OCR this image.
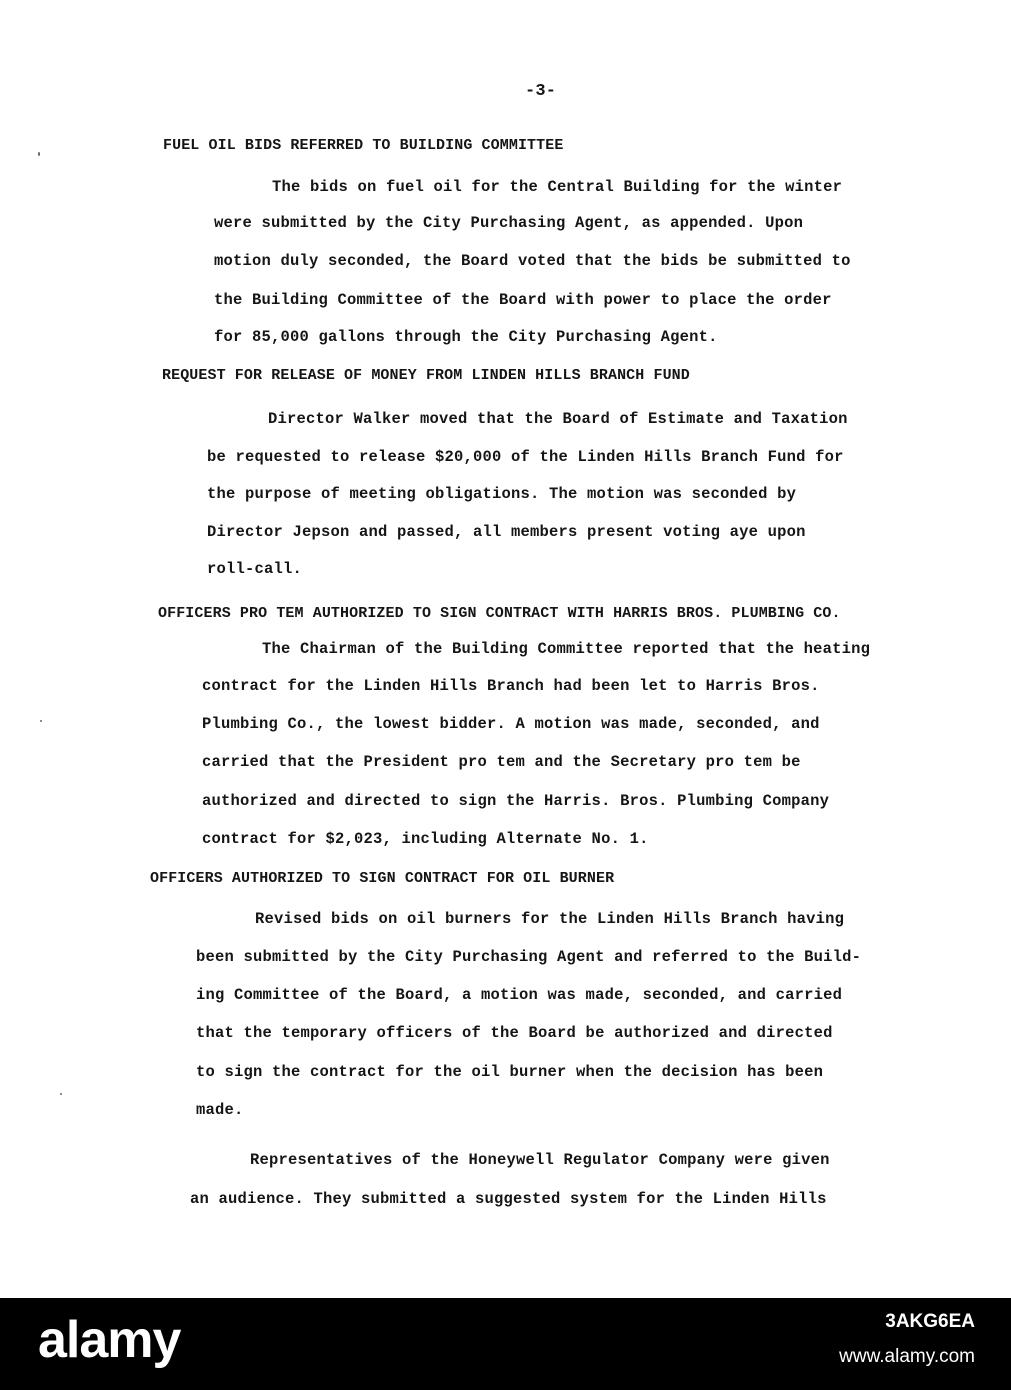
-3-
FUEL OIL BIDS REFERRED TO BUILDING COMMITTEE
The bids on fuel oil for the Central Building for the winter
were submitted by the City Purchasing Agent, as appended. Upon
motion duly seconded, the Board voted that the bids be submitted to
the Building Committee of the Board with power to place the order
for 85,000 gallons through the City Purchasing Agent.
REQUEST FOR RELEASE OF MONEY FROM LINDEN HILLS BRANCH FUND
Director Walker moved that the Board of Estimate and Taxation
be requested to release $20,000 of the Linden Hills Branch Fund for
the purpose of meeting obligations. The motion was seconded by
Director Jepson and passed, all members present voting aye upon
roll-call.
OFFICERS PRO TEM AUTHORIZED TO SIGN CONTRACT WITH HARRIS BROS. PLUMBING CO.
The Chairman of the Building Committee reported that the heating
contract for the Linden Hills Branch had been let to Harris Bros.
Plumbing Co., the lowest bidder. A motion was made, seconded, and
carried that the President pro tem and the Secretary pro tem be
authorized and directed to sign the Harris. Bros. Plumbing Company
contract for $2,023, including Alternate No. 1.
OFFICERS AUTHORIZED TO SIGN CONTRACT FOR OIL BURNER
Revised bids on oil burners for the Linden Hills Branch having
been submitted by the City Purchasing Agent and referred to the Build-
ing Committee of the Board, a motion was made, seconded, and carried
that the temporary officers of the Board be authorized and directed
to sign the contract for the oil burner when the decision has been
made.
Representatives of the Honeywell Regulator Company were given
an audience. They submitted a suggested system for the Linden Hills
alamy	3AKG6EA
www.alamy.com
